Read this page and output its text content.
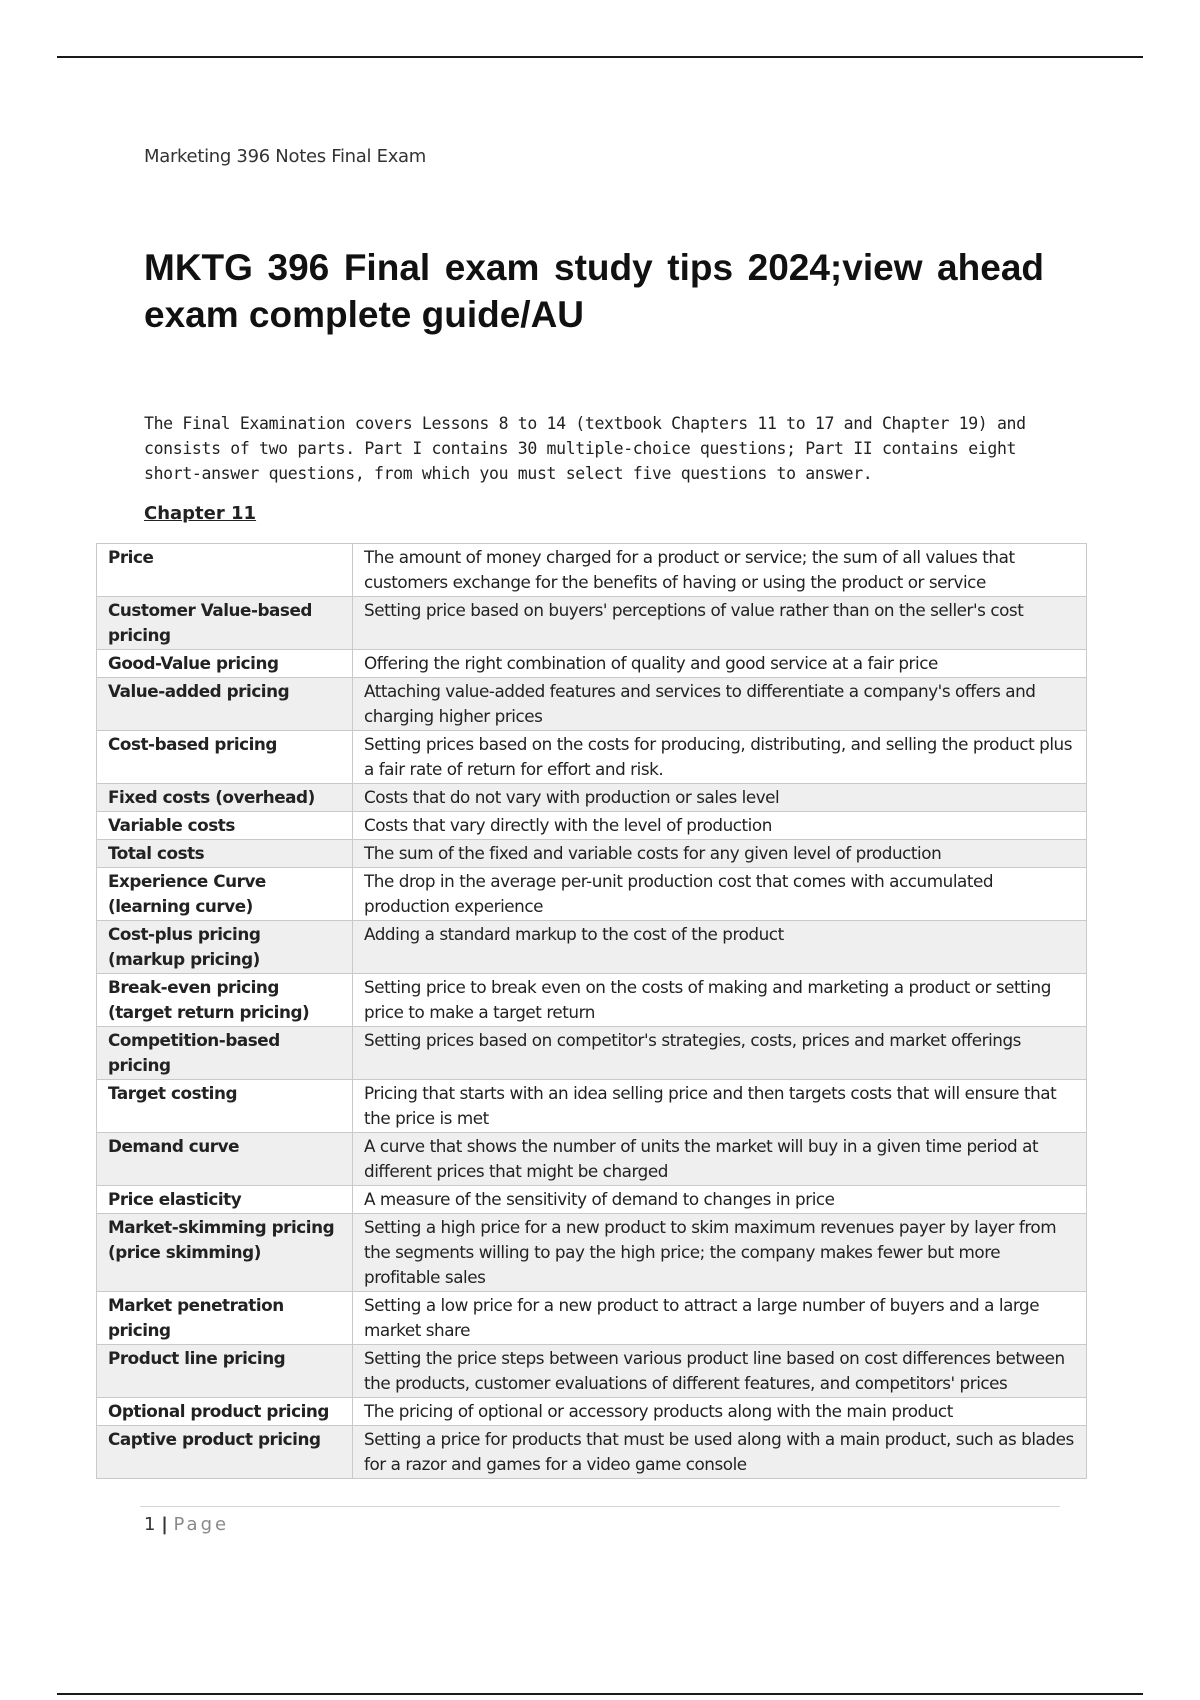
Marketing 396 Notes Final Exam
MKTG 396 Final exam study tips 2024;view ahead exam complete guide/AU

The Final Examination covers Lessons 8 to 14 (textbook Chapters 11 to 17 and Chapter 19) and consists of two parts. Part I contains 30 multiple-choice questions; Part II contains eight short-answer questions, from which you must select five questions to answer.

Chapter 11
Price	The amount of money charged for a product or service; the sum of all values that customers exchange for the benefits of having or using the product or service
Customer Value-based pricing	Setting price based on buyers' perceptions of value rather than on the seller's cost
Good-Value pricing	Offering the right combination of quality and good service at a fair price
Value-added pricing	Attaching value-added features and services to differentiate a company's offers and charging higher prices
Cost-based pricing	Setting prices based on the costs for producing, distributing, and selling the product plus a fair rate of return for effort and risk.
Fixed costs (overhead)	Costs that do not vary with production or sales level
Variable costs	Costs that vary directly with the level of production
Total costs	The sum of the fixed and variable costs for any given level of production
Experience Curve (learning curve)	The drop in the average per-unit production cost that comes with accumulated production experience
Cost-plus pricing (markup pricing)	Adding a standard markup to the cost of the product
Break-even pricing (target return pricing)	Setting price to break even on the costs of making and marketing a product or setting price to make a target return
Competition-based pricing	Setting prices based on competitor's strategies, costs, prices and market offerings
Target costing	Pricing that starts with an idea selling price and then targets costs that will ensure that the price is met
Demand curve	A curve that shows the number of units the market will buy in a given time period at different prices that might be charged
Price elasticity	A measure of the sensitivity of demand to changes in price
Market-skimming pricing (price skimming)	Setting a high price for a new product to skim maximum revenues payer by layer from the segments willing to pay the high price; the company makes fewer but more profitable sales
Market penetration pricing	Setting a low price for a new product to attract a large number of buyers and a large market share
Product line pricing	Setting the price steps between various product line based on cost differences between the products, customer evaluations of different features, and competitors' prices
Optional product pricing	The pricing of optional or accessory products along with the main product
Captive product pricing	Setting a price for products that must be used along with a main product, such as blades for a razor and games for a video game console
1 | Page
